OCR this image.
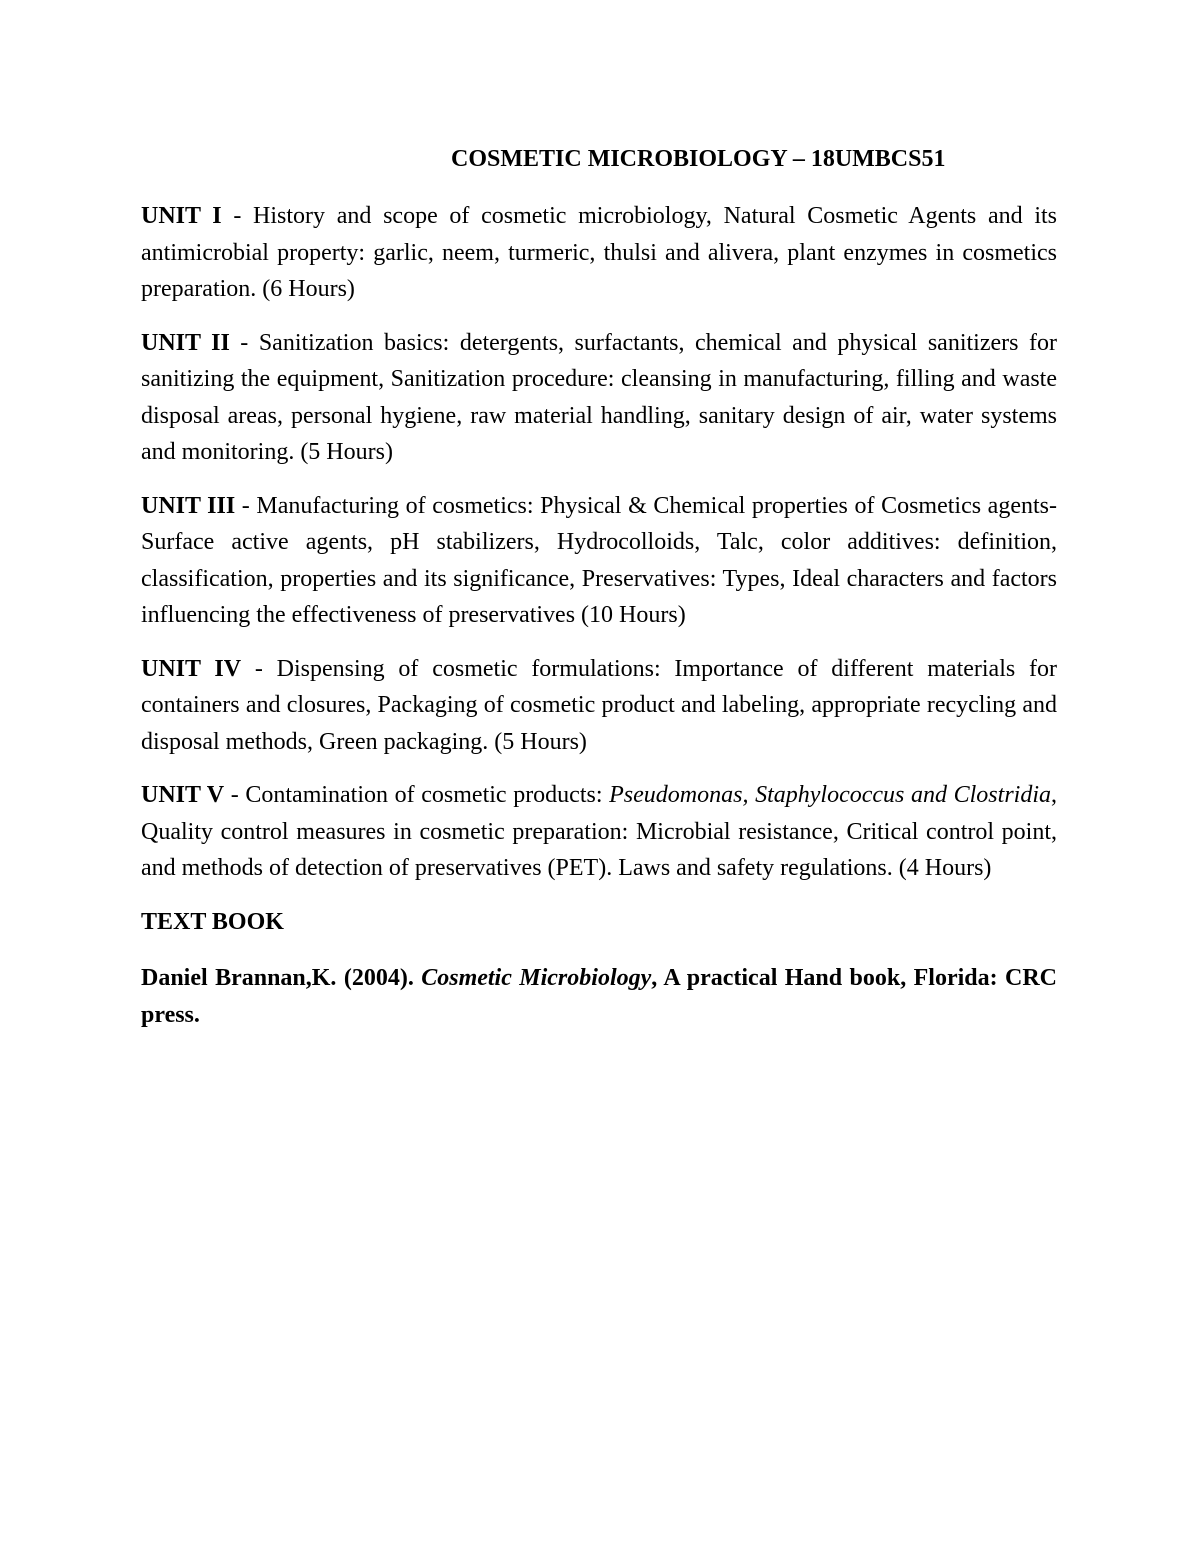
COSMETIC MICROBIOLOGY – 18UMBCS51

UNIT I - History and scope of cosmetic microbiology, Natural Cosmetic Agents and its antimicrobial property: garlic, neem, turmeric, thulsi and alivera, plant enzymes in cosmetics preparation. (6 Hours)

UNIT II - Sanitization basics: detergents, surfactants, chemical and physical sanitizers for sanitizing the equipment, Sanitization procedure: cleansing in manufacturing, filling and waste disposal areas, personal hygiene, raw material handling, sanitary design of air, water systems and monitoring. (5 Hours)

UNIT III - Manufacturing of cosmetics: Physical & Chemical properties of Cosmetics agents- Surface active agents, pH stabilizers, Hydrocolloids, Talc, color additives: definition, classification, properties and its significance, Preservatives: Types, Ideal characters and factors influencing the effectiveness of preservatives (10 Hours)

UNIT IV - Dispensing of cosmetic formulations: Importance of different materials for containers and closures, Packaging of cosmetic product and labeling, appropriate recycling and disposal methods, Green packaging. (5 Hours)

UNIT V - Contamination of cosmetic products: Pseudomonas, Staphylococcus and Clostridia, Quality control measures in cosmetic preparation: Microbial resistance, Critical control point, and methods of detection of preservatives (PET). Laws and safety regulations. (4 Hours)

TEXT BOOK

Daniel Brannan,K. (2004). Cosmetic Microbiology, A practical Hand book, Florida: CRC press.
